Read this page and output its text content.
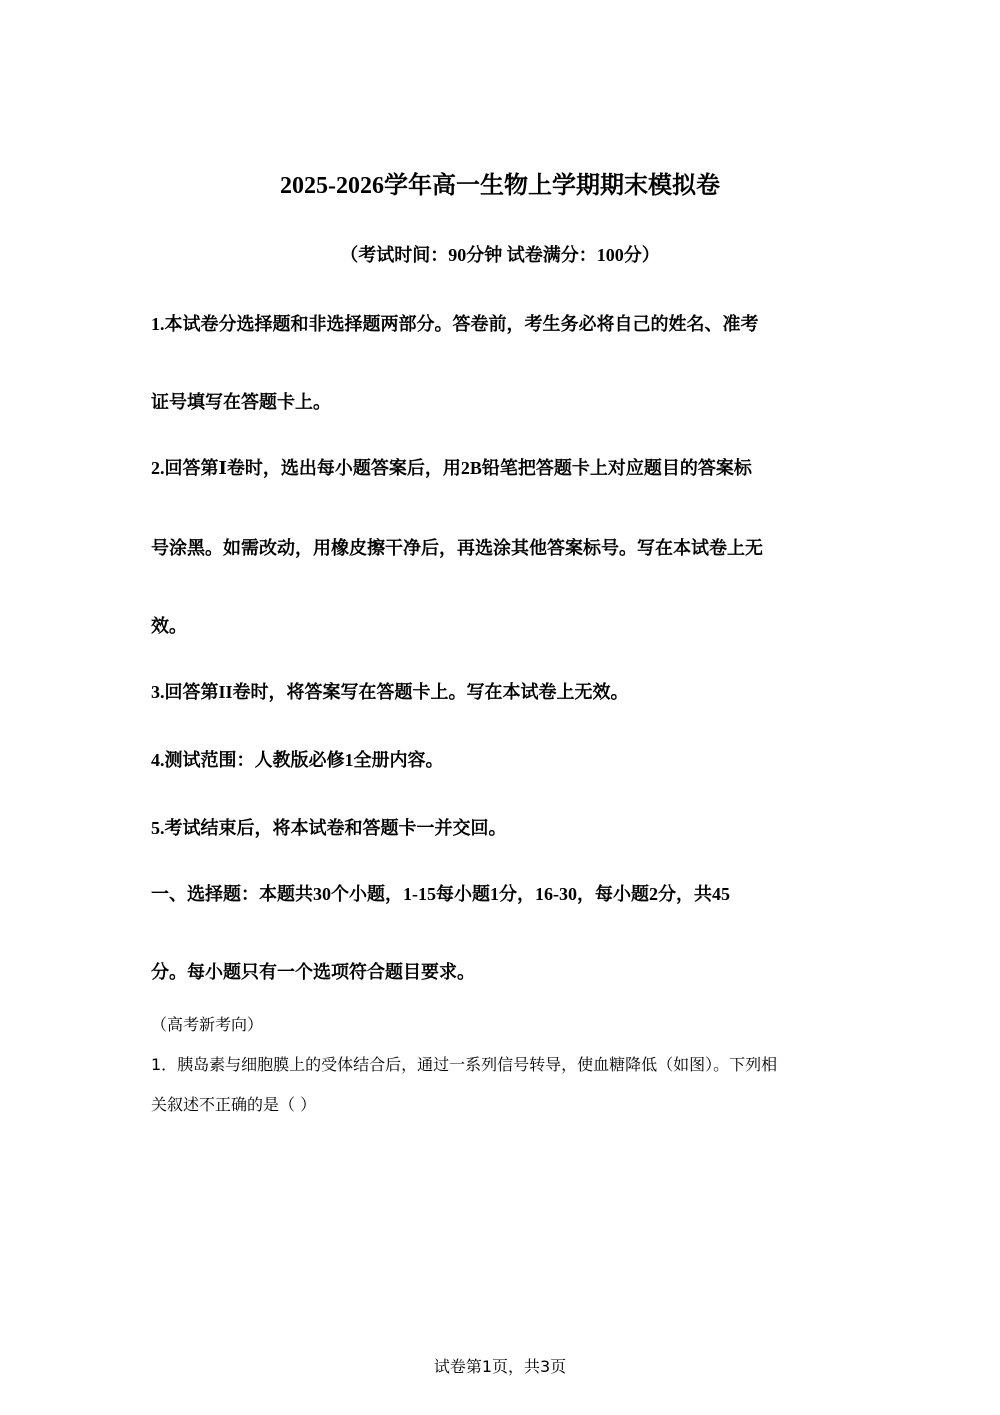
2025-2026学年高一生物上学期期末模拟卷
（考试时间：90分钟 试卷满分：100分）
1.本试卷分选择题和非选择题两部分。答卷前，考生务必将自己的姓名、准考
证号填写在答题卡上。
2.回答第Ⅰ卷时，选出每小题答案后，用2B铅笔把答题卡上对应题目的答案标
号涂黑。如需改动，用橡皮擦干净后，再选涂其他答案标号。写在本试卷上无
效。
3.回答第II卷时，将答案写在答题卡上。写在本试卷上无效。
4.测试范围：人教版必修1全册内容。
5.考试结束后，将本试卷和答题卡一并交回。
一、选择题：本题共30个小题，1-15每小题1分，16-30，每小题2分，共45
分。每小题只有一个选项符合题目要求。
（高考新考向）
1．胰岛素与细胞膜上的受体结合后，通过一系列信号转导，使血糖降低（如图）。下列相
关叙述不正确的是（ ）
试卷第1页，共3页
